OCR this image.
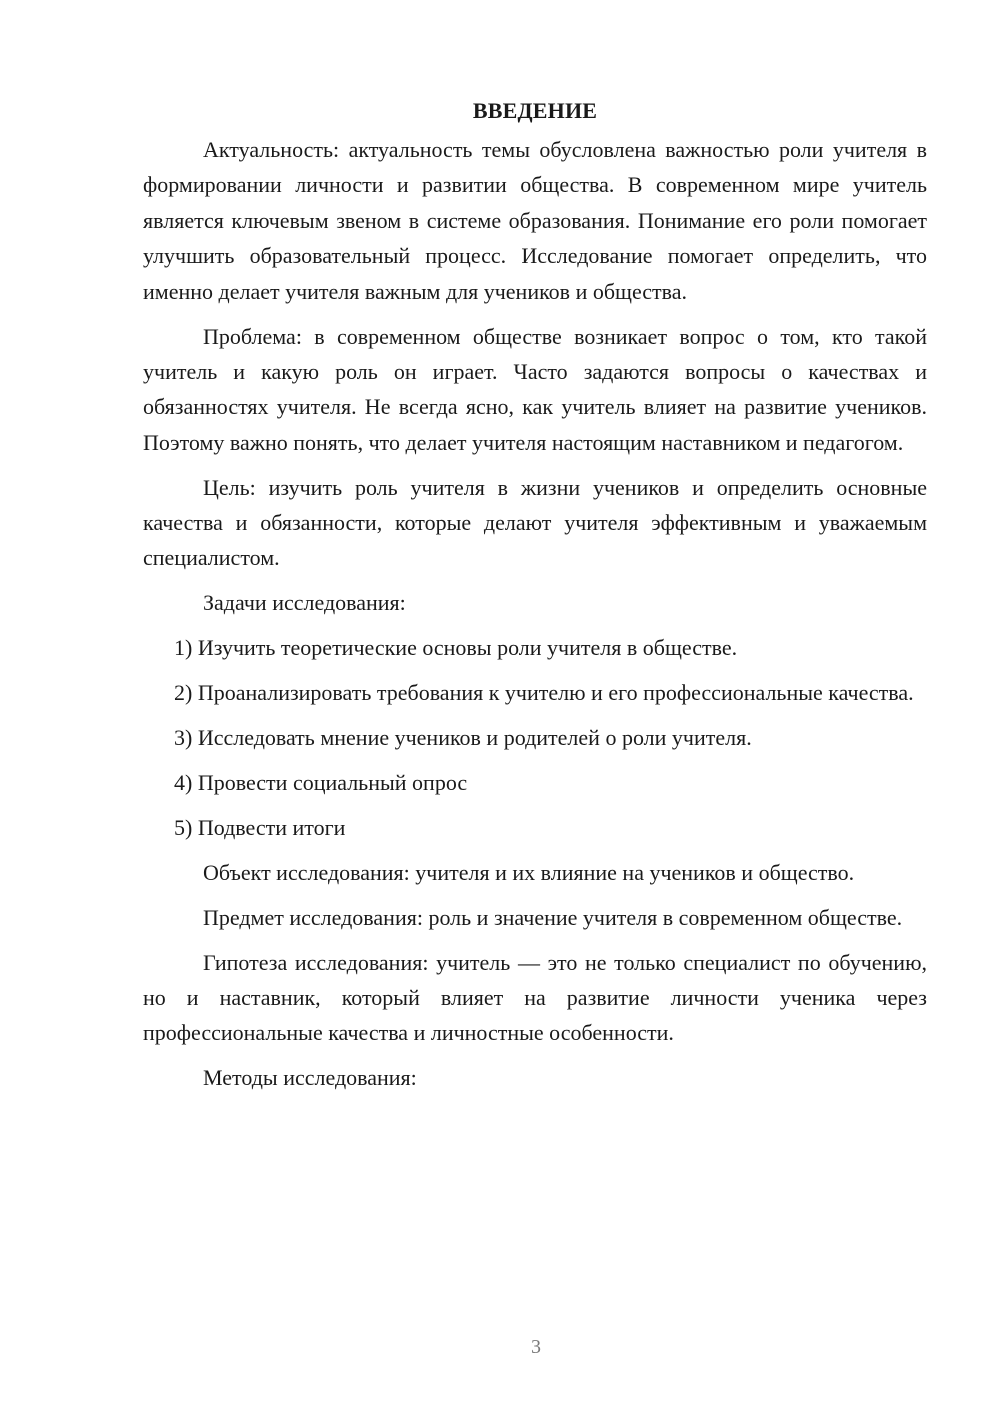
ВВЕДЕНИЕ

Актуальность: актуальность темы обусловлена важностью роли учителя в формировании личности и развитии общества. В современном мире учитель является ключевым звеном в системе образования. Понимание его роли помогает улучшить образовательный процесс. Исследование помогает определить, что именно делает учителя важным для учеников и общества.

Проблема: в современном обществе возникает вопрос о том, кто такой учитель и какую роль он играет. Часто задаются вопросы о качествах и обязанностях учителя. Не всегда ясно, как учитель влияет на развитие учеников. Поэтому важно понять, что делает учителя настоящим наставником и педагогом.

Цель: изучить роль учителя в жизни учеников и определить основные качества и обязанности, которые делают учителя эффективным и уважаемым специалистом.

Задачи исследования:

1) Изучить теоретические основы роли учителя в обществе.

2) Проанализировать требования к учителю и его профессиональные качества.

3) Исследовать мнение учеников и родителей о роли учителя.

4) Провести социальный опрос

5) Подвести итоги

Объект исследования: учителя и их влияние на учеников и общество.

Предмет исследования: роль и значение учителя в современном обществе.

Гипотеза исследования: учитель — это не только специалист по обучению, но и наставник, который влияет на развитие личности ученика через профессиональные качества и личностные особенности.

Методы исследования:

3
